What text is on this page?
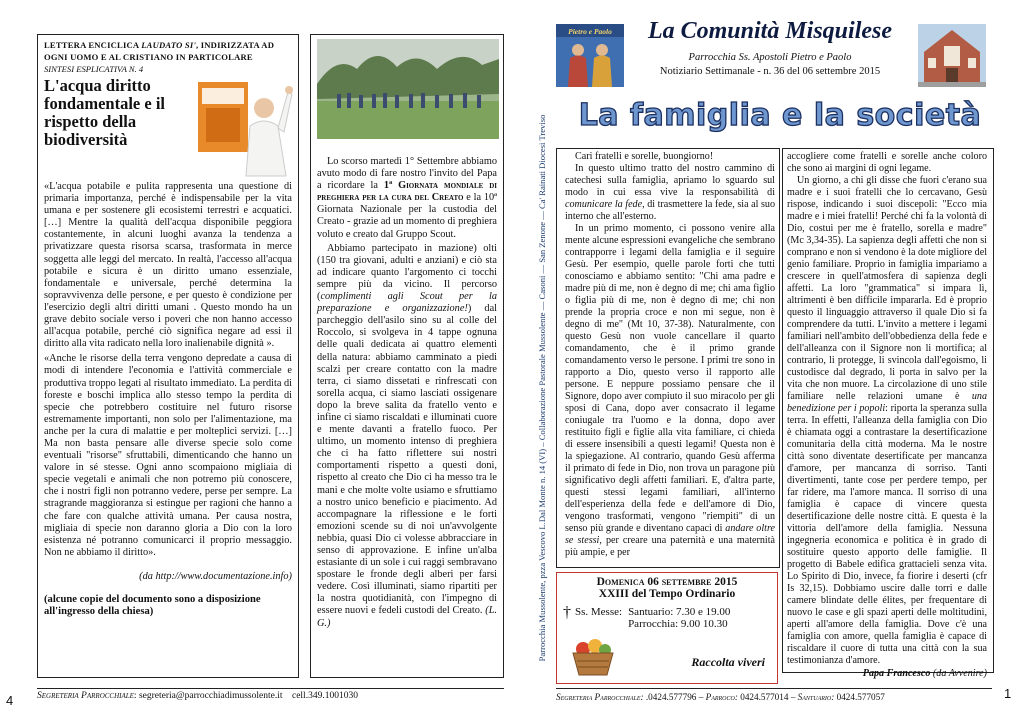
LETTERA ENCICLICA LAUDATO SI', INDIRIZZATA AD
OGNI UOMO E AL CRISTIANO IN PARTICOLARE
SINTESI ESPLICATIVA N. 4
L'acqua diritto fondamentale e il rispetto della biodiversità

«L'acqua potabile e pulita rappresenta una questione di primaria importanza, perché è indispensabile per la vita umana e per sostenere gli ecosistemi terrestri e acquatici. […] Mentre la qualità dell'acqua disponibile peggiora costantemente, in alcuni luoghi avanza la tendenza a privatizzare questa risorsa scarsa, trasformata in merce soggetta alle leggi del mercato. In realtà, l'accesso all'acqua potabile e sicura è un diritto umano essenziale, fondamentale e universale, perché determina la sopravvivenza delle persone, e per questo è condizione per l'esercizio degli altri diritti umani . Questo mondo ha un grave debito sociale verso i poveri che non hanno accesso all'acqua potabile, perché ciò significa negare ad essi il diritto alla vita radicato nella loro inalienabile dignità ».

«Anche le risorse della terra vengono depredate a causa di modi di intendere l'economia e l'attività commerciale e produttiva troppo legati al risultato immediato. La perdita di foreste e boschi implica allo stesso tempo la perdita di specie che potrebbero costituire nel futuro risorse estremamente importanti, non solo per l'alimentazione, ma anche per la cura di malattie e per molteplici servizi. […] Ma non basta pensare alle diverse specie solo come eventuali "risorse" sfruttabili, dimenticando che hanno un valore in sé stesse. Ogni anno scompaiono migliaia di specie vegetali e animali che non potremo più conoscere, che i nostri figli non potranno vedere, perse per sempre. La stragrande maggioranza si estingue per ragioni che hanno a che fare con qualche attività umana. Per causa nostra, migliaia di specie non daranno gloria a Dio con la loro esistenza né potranno comunicarci il proprio messaggio. Non ne abbiamo il diritto».

(da http://www.documentazione.info)
(alcune copie del documento sono a disposizione all'ingresso della chiesa)

Lo scorso martedì 1° Settembre abbiamo avuto modo di fare nostro l'invito del Papa a ricordare la 1ª Giornata mondiale di preghiera per la cura del Creato e la 10ª Giornata Nazionale per la custodia del Creato - grazie ad un momento di preghiera voluto e creato dal Gruppo Scout.

Abbiamo partecipato in mazione) olti (150 tra giovani, adulti e anziani) e ciò sta ad indicare quanto l'argomento ci tocchi sempre più da vicino. Il percorso (complimenti agli Scout per la preparazione e organizzazione!) dal parcheggio dell'asilo sino su al colle del Roccolo, si svolgeva in 4 tappe ognuna delle quali dedicata ai quattro elementi della natura: abbiamo camminato a piedi scalzi per creare contatto con la madre terra, ci siamo dissetati e rinfrescati con sorella acqua, ci siamo lasciati ossigenare dopo la breve salita da fratello vento e infine ci siamo riscaldati e illuminati cuore e mente davanti a fratello fuoco. Per ultimo, un momento intenso di preghiera che ci ha fatto riflettere sui nostri comportamenti rispetto a questi doni, rispetto al creato che Dio ci ha messo tra le mani e che molte volte usiamo e sfruttiamo a nostro unico beneficio e piacimento. Ad accompagnare la riflessione e le forti emozioni scende su di noi un'avvolgente nebbia, quasi Dio ci volesse abbracciare in senso di approvazione. E infine un'alba estasiante di un sole i cui raggi sembravano spostare le fronde degli alberi per farsi vedere. Così illuminati, siamo ripartiti per la nostra quotidianità, con l'impegno di essere nuovi e fedeli custodi del Creato. (L. G.)

4	Segreteria Parrocchiale: segreteria@parrocchiadimussolente.it cell.349.1001030
Parrocchia Mussolente, pzza Vescovo L.Dal Monte n. 14 (VI) – Collaborazione Pastorale Mussolente — Casoni — San Zenone — Ca' Rainati Diocesi Treviso
Pietro e Paolo	La Comunità Misquilese
Parrocchia Ss. Apostoli Pietro e Paolo
Notiziario Settimanale - n. 36 del 06 settembre 2015
La famiglia e la società

Cari fratelli e sorelle, buongiorno!

In questo ultimo tratto del nostro cammino di catechesi sulla famiglia, apriamo lo sguardo sul modo in cui essa vive la responsabilità di comunicare la fede, di trasmettere la fede, sia al suo interno che all'esterno.

In un primo momento, ci possono venire alla mente alcune espressioni evangeliche che sembrano contrapporre i legami della famiglia e il seguire Gesù. Per esempio, quelle parole forti che tutti conosciamo e abbiamo sentito: "Chi ama padre e madre più di me, non è degno di me; chi ama figlio o figlia più di me, non è degno di me; chi non prende la propria croce e non mi segue, non è degno di me" (Mt 10, 37-38). Naturalmente, con questo Gesù non vuole cancellare il quarto comandamento, che è il primo grande comandamento verso le persone. I primi tre sono in rapporto a Dio, questo verso il rapporto alle persone. E neppure possiamo pensare che il Signore, dopo aver compiuto il suo miracolo per gli sposi di Cana, dopo aver consacrato il legame coniugale tra l'uomo e la donna, dopo aver restituito figli e figlie alla vita familiare, ci chieda di essere insensibili a questi legami! Questa non è la spiegazione. Al contrario, quando Gesù afferma il primato di fede in Dio, non trova un paragone più significativo degli affetti familiari. E, d'altra parte, questi stessi legami familiari, all'interno dell'esperienza della fede e dell'amore di Dio, vengono trasformati, vengono "riempiti" di un senso più grande e diventano capaci di andare oltre se stessi, per creare una paternità e una maternità più ampie, e per

accogliere come fratelli e sorelle anche coloro che sono ai margini di ogni legame.

Un giorno, a chi gli disse che fuori c'erano sua madre e i suoi fratelli che lo cercavano, Gesù rispose, indicando i suoi discepoli: "Ecco mia madre e i miei fratelli! Perché chi fa la volontà di Dio, costui per me è fratello, sorella e madre" (Mc 3,34-35). La sapienza degli affetti che non si comprano e non si vendono è la dote migliore del genio familiare. Proprio in famiglia impariamo a crescere in quell'atmosfera di sapienza degli affetti. La loro "grammatica" si impara lì, altrimenti è ben difficile impararla. Ed è proprio questo il linguaggio attraverso il quale Dio si fa comprendere da tutti. L'invito a mettere i legami familiari nell'ambito dell'obbedienza della fede e dell'alleanza con il Signore non li mortifica; al contrario, li protegge, li svincola dall'egoismo, li custodisce dal degrado, li porta in salvo per la vita che non muore. La circolazione di uno stile familiare nelle relazioni umane è una benedizione per i popoli: riporta la speranza sulla terra. In effetti, l'alleanza della famiglia con Dio è chiamata oggi a contrastare la desertificazione comunitaria della città moderna. Ma le nostre città sono diventate desertificate per mancanza d'amore, per mancanza di sorriso. Tanti divertimenti, tante cose per perdere tempo, per far ridere, ma l'amore manca. Il sorriso di una famiglia è capace di vincere questa desertificazione delle nostre città. E questa è la vittoria dell'amore della famiglia. Nessuna ingegneria economica e politica è in grado di sostituire questo apporto delle famiglie. Il progetto di Babele edifica grattacieli senza vita. Lo Spirito di Dio, invece, fa fiorire i deserti (cfr Is 32,15). Dobbiamo uscire dalle torri e dalle camere blindate delle élites, per frequentare di nuovo le case e gli spazi aperti delle moltitudini, aperti all'amore della famiglia. Dove c'è una famiglia con amore, quella famiglia è capace di riscaldare il cuore di tutta una città con la sua testimonianza d'amore.

Papa Francesco (da Avvenire)
Domenica 06 settembre 2015
XXIII del Tempo Ordinario
† Ss. Messe: Santuario: 7.30 e 19.00
Parrocchia: 9.00 10.30
Raccolta viveri
Segreteria Parrocchiale: .0424.577796 – Parroco: 0424.577014 – Santuario: 0424.577057	1
